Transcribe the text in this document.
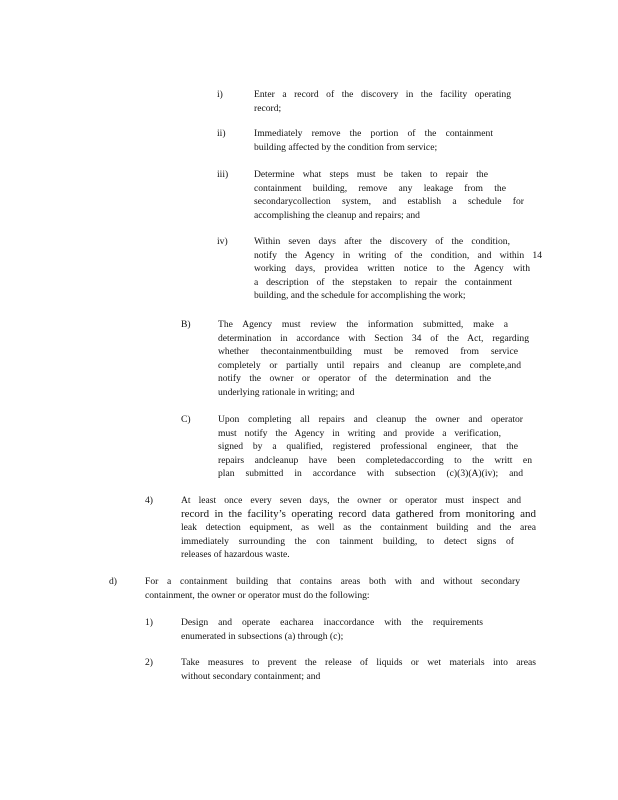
i)	Enter a record of the discovery in the facility operating
record;
ii)	Immediately remove the portion of the containment
building affected by the condition from service;
iii)	Determine what steps must be taken to repair the
containment building, remove any leakage from the
secondarycollection system, and establish a schedule for
accomplishing the cleanup and repairs; and
iv)	Within seven days after the discovery of the condition,
notify the Agency in writing of the condition, and within 14
working days, providea written notice to the Agency with
a description of the stepstaken to repair the containment
building, and the schedule for accomplishing the work;
B)	The Agency must review the information submitted, make a
determination in accordance with Section 34 of the Act, regarding
whether thecontainmentbuilding must be removed from service
completely or partially until repairs and cleanup are complete,and
notify the owner or operator of the determination and the
underlying rationale in writing; and
C)	Upon completing all repairs and cleanup the owner and operator
must notify the Agency in writing and provide a verification,
signed by a qualified, registered professional engineer, that the
repairs andcleanup have been completedaccording to the writt en
plan submitted in accordance with subsection (c)(3)(A)(iv); and
4)	At least once every seven days, the owner or operator must inspect and
record in the facility’s operating record data gathered from monitoring and
leak detection equipment, as well as the containment building and the area
immediately surrounding the con tainment building, to detect signs of
releases of hazardous waste.
d)	For a containment building that contains areas both with and without secondary
containment, the owner or operator must do the following:
1)	Design and operate eacharea inaccordance with the requirements
enumerated in subsections (a) through (c);
2)	Take measures to prevent the release of liquids or wet materials into areas
without secondary containment; and
